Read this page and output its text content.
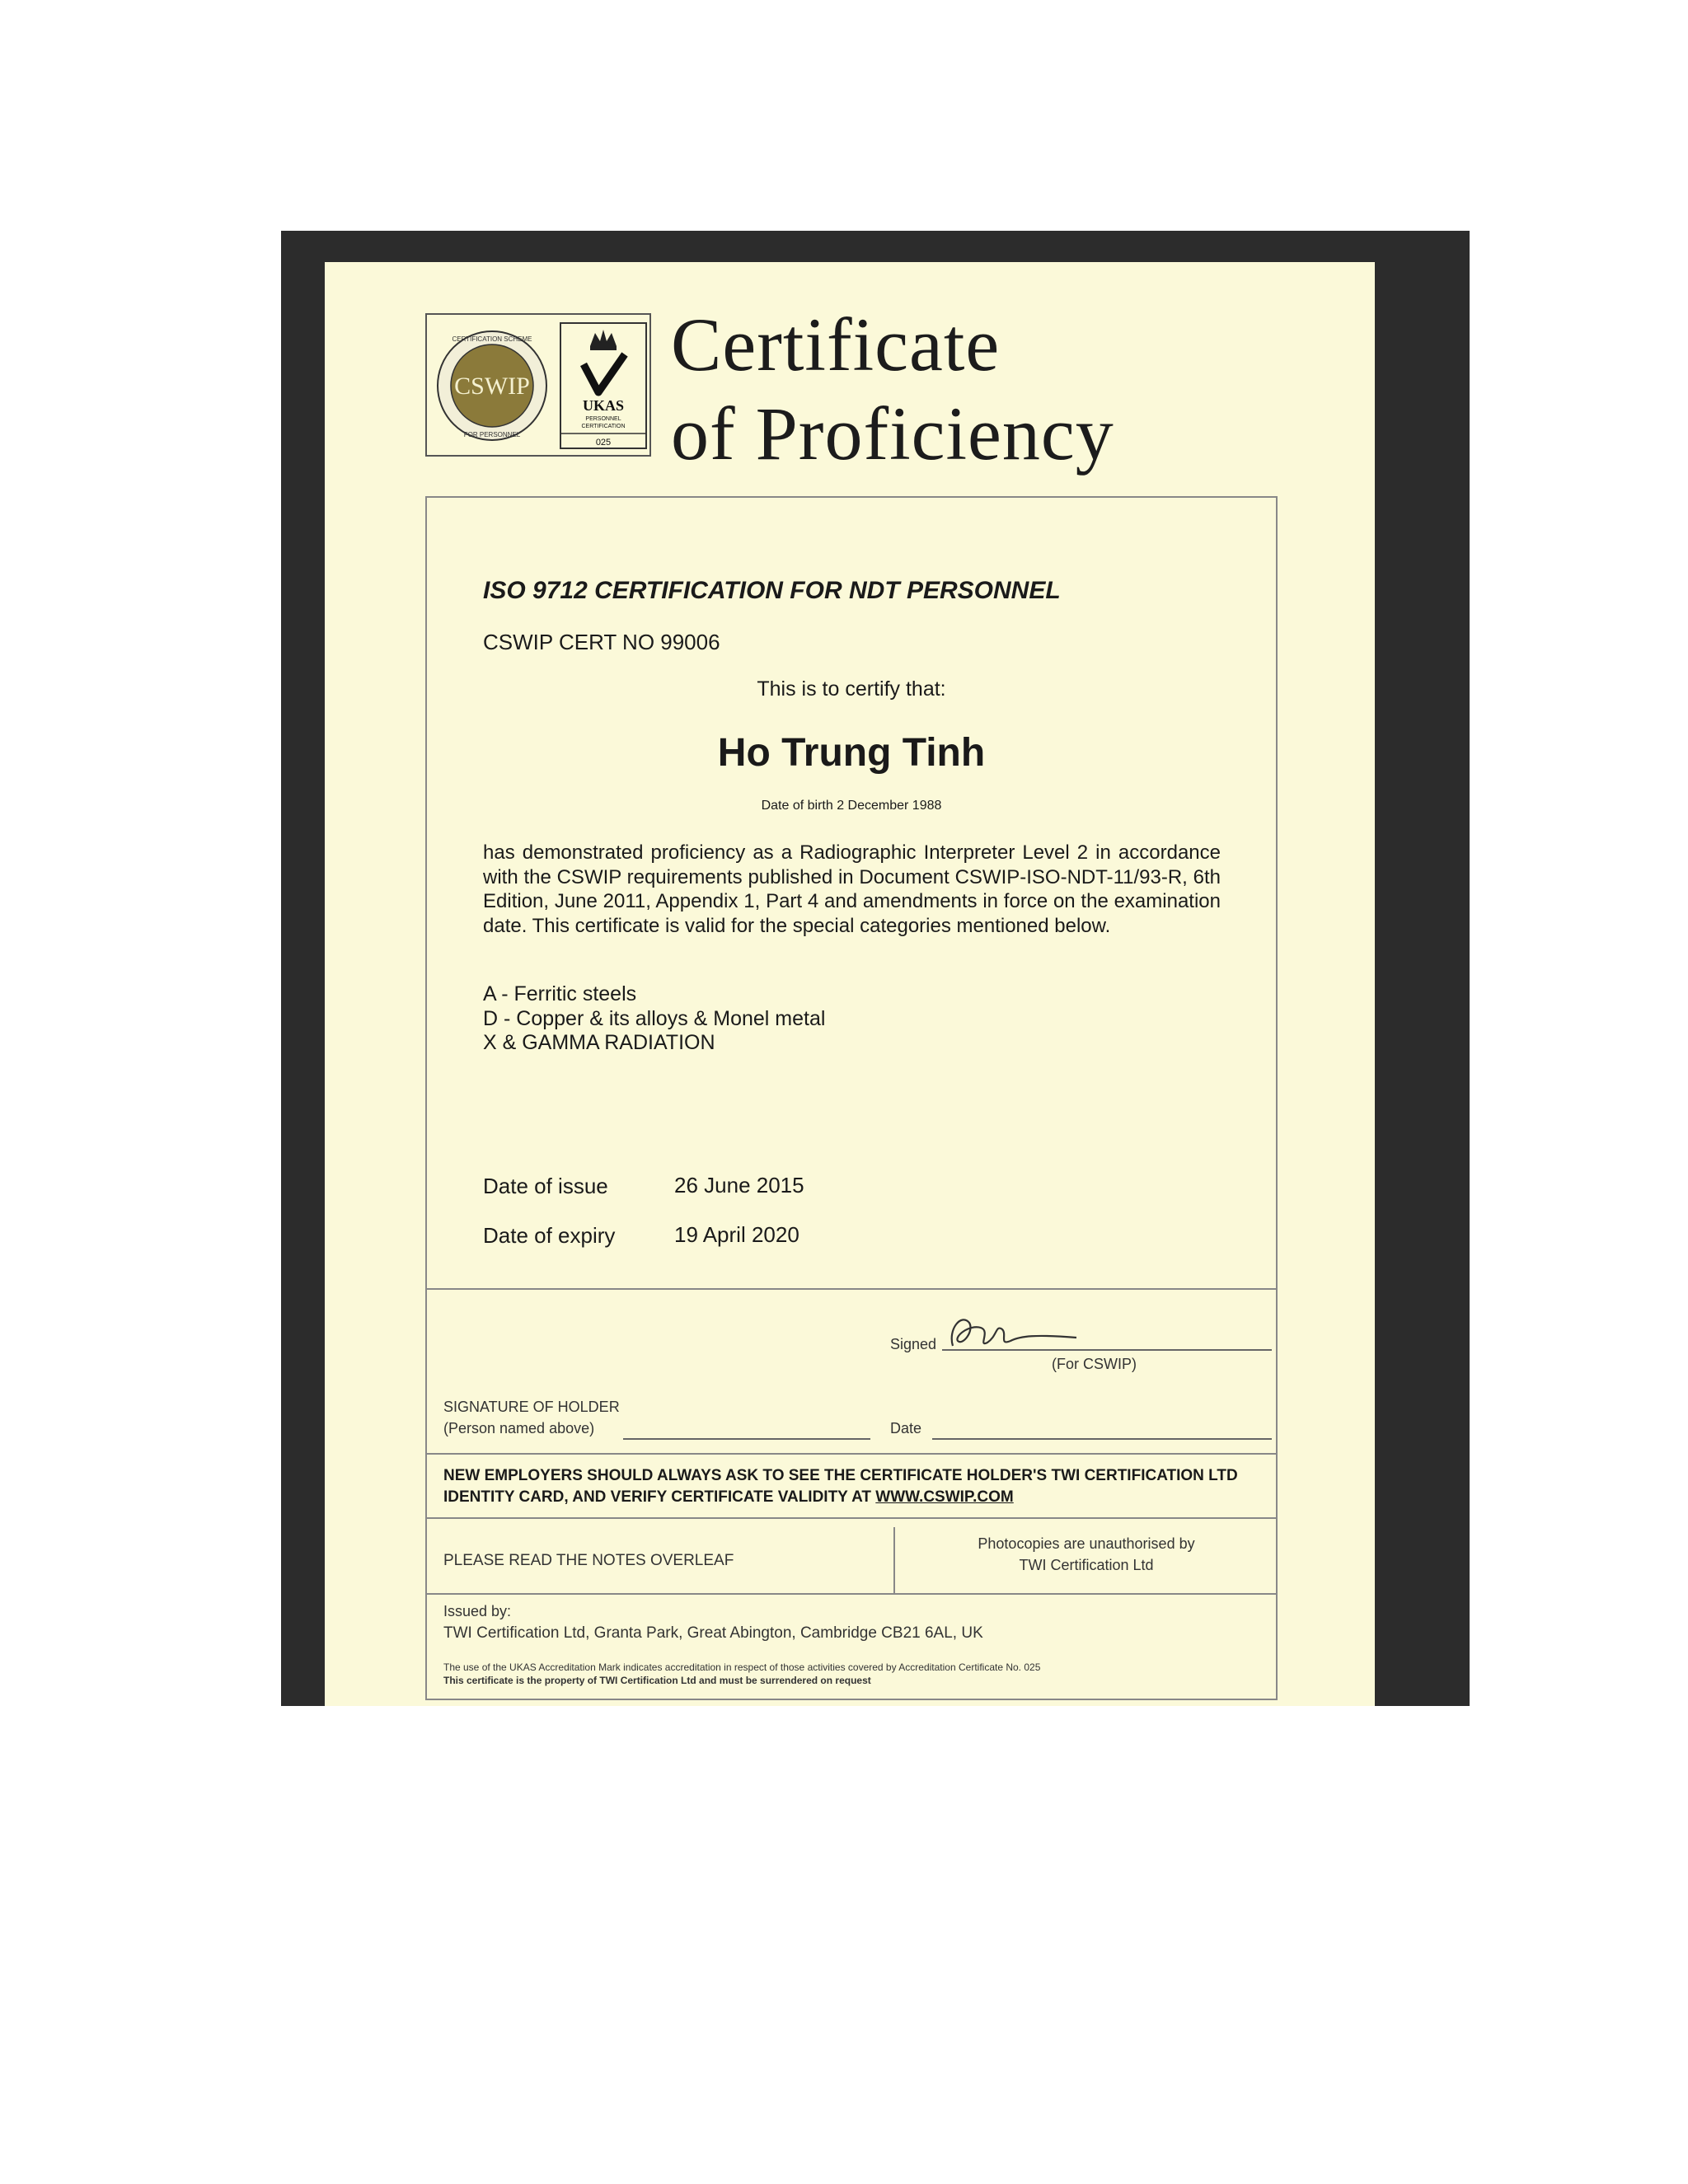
CSWIP
CERTIFICATION SCHEME
FOR PERSONNEL
UKAS
PERSONNEL
CERTIFICATION
025
Certificate
of Proficiency
ISO 9712 CERTIFICATION FOR NDT PERSONNEL
CSWIP CERT NO 99006
This is to certify that:
Ho Trung Tinh
Date of birth 2 December 1988

has demonstrated proficiency as a Radiographic Interpreter Level 2 in accordance with the CSWIP requirements published in Document CSWIP-ISO-NDT-11/93-R, 6th Edition, June 2011, Appendix 1, Part 4 and amendments in force on the examination date. This certificate is valid for the special categories mentioned below.

A - Ferritic steels
D - Copper & its alloys & Monel metal
X & GAMMA RADIATION
Date of issue	26 June 2015
Date of expiry	19 April 2020
Signed
(For CSWIP)
SIGNATURE OF HOLDER
(Person named above)	Date
NEW EMPLOYERS SHOULD ALWAYS ASK TO SEE THE CERTIFICATE HOLDER'S TWI CERTIFICATION LTD IDENTITY CARD, AND VERIFY CERTIFICATE VALIDITY AT WWW.CSWIP.COM
PLEASE READ THE NOTES OVERLEAF
Photocopies are unauthorised by
TWI Certification Ltd
Issued by:
TWI Certification Ltd, Granta Park, Great Abington, Cambridge CB21 6AL, UK
The use of the UKAS Accreditation Mark indicates accreditation in respect of those activities covered by Accreditation Certificate No. 025
This certificate is the property of TWI Certification Ltd and must be surrendered on request
